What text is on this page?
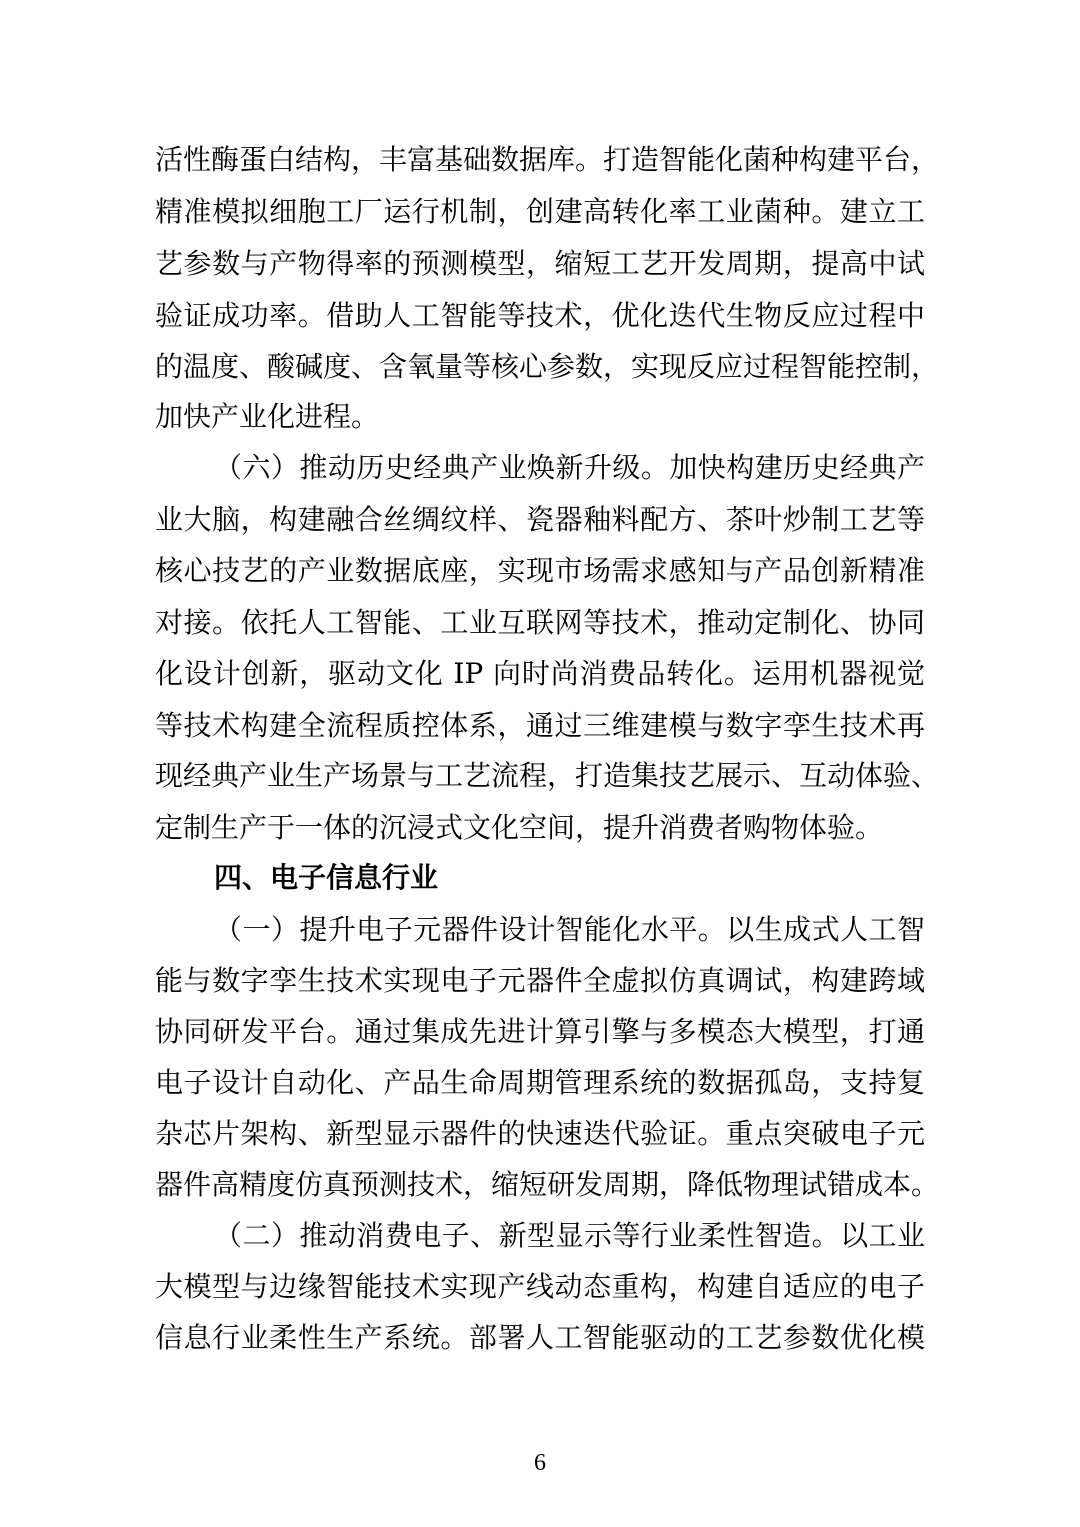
活性酶蛋白结构，丰富基础数据库。打造智能化菌种构建平台，
精准模拟细胞工厂运行机制，创建高转化率工业菌种。建立工
艺参数与产物得率的预测模型，缩短工艺开发周期，提高中试
验证成功率。借助人工智能等技术，优化迭代生物反应过程中
的温度、酸碱度、含氧量等核心参数，实现反应过程智能控制，
加快产业化进程。
（六）推动历史经典产业焕新升级。加快构建历史经典产
业大脑，构建融合丝绸纹样、瓷器釉料配方、茶叶炒制工艺等
核心技艺的产业数据底座，实现市场需求感知与产品创新精准
对接。依托人工智能、工业互联网等技术，推动定制化、协同
化设计创新，驱动文化 IP 向时尚消费品转化。运用机器视觉
等技术构建全流程质控体系，通过三维建模与数字孪生技术再
现经典产业生产场景与工艺流程，打造集技艺展示、互动体验、
定制生产于一体的沉浸式文化空间，提升消费者购物体验。
四、电子信息行业
（一）提升电子元器件设计智能化水平。以生成式人工智
能与数字孪生技术实现电子元器件全虚拟仿真调试，构建跨域
协同研发平台。通过集成先进计算引擎与多模态大模型，打通
电子设计自动化、产品生命周期管理系统的数据孤岛，支持复
杂芯片架构、新型显示器件的快速迭代验证。重点突破电子元
器件高精度仿真预测技术，缩短研发周期，降低物理试错成本。
（二）推动消费电子、新型显示等行业柔性智造。以工业
大模型与边缘智能技术实现产线动态重构，构建自适应的电子
信息行业柔性生产系统。部署人工智能驱动的工艺参数优化模
6
